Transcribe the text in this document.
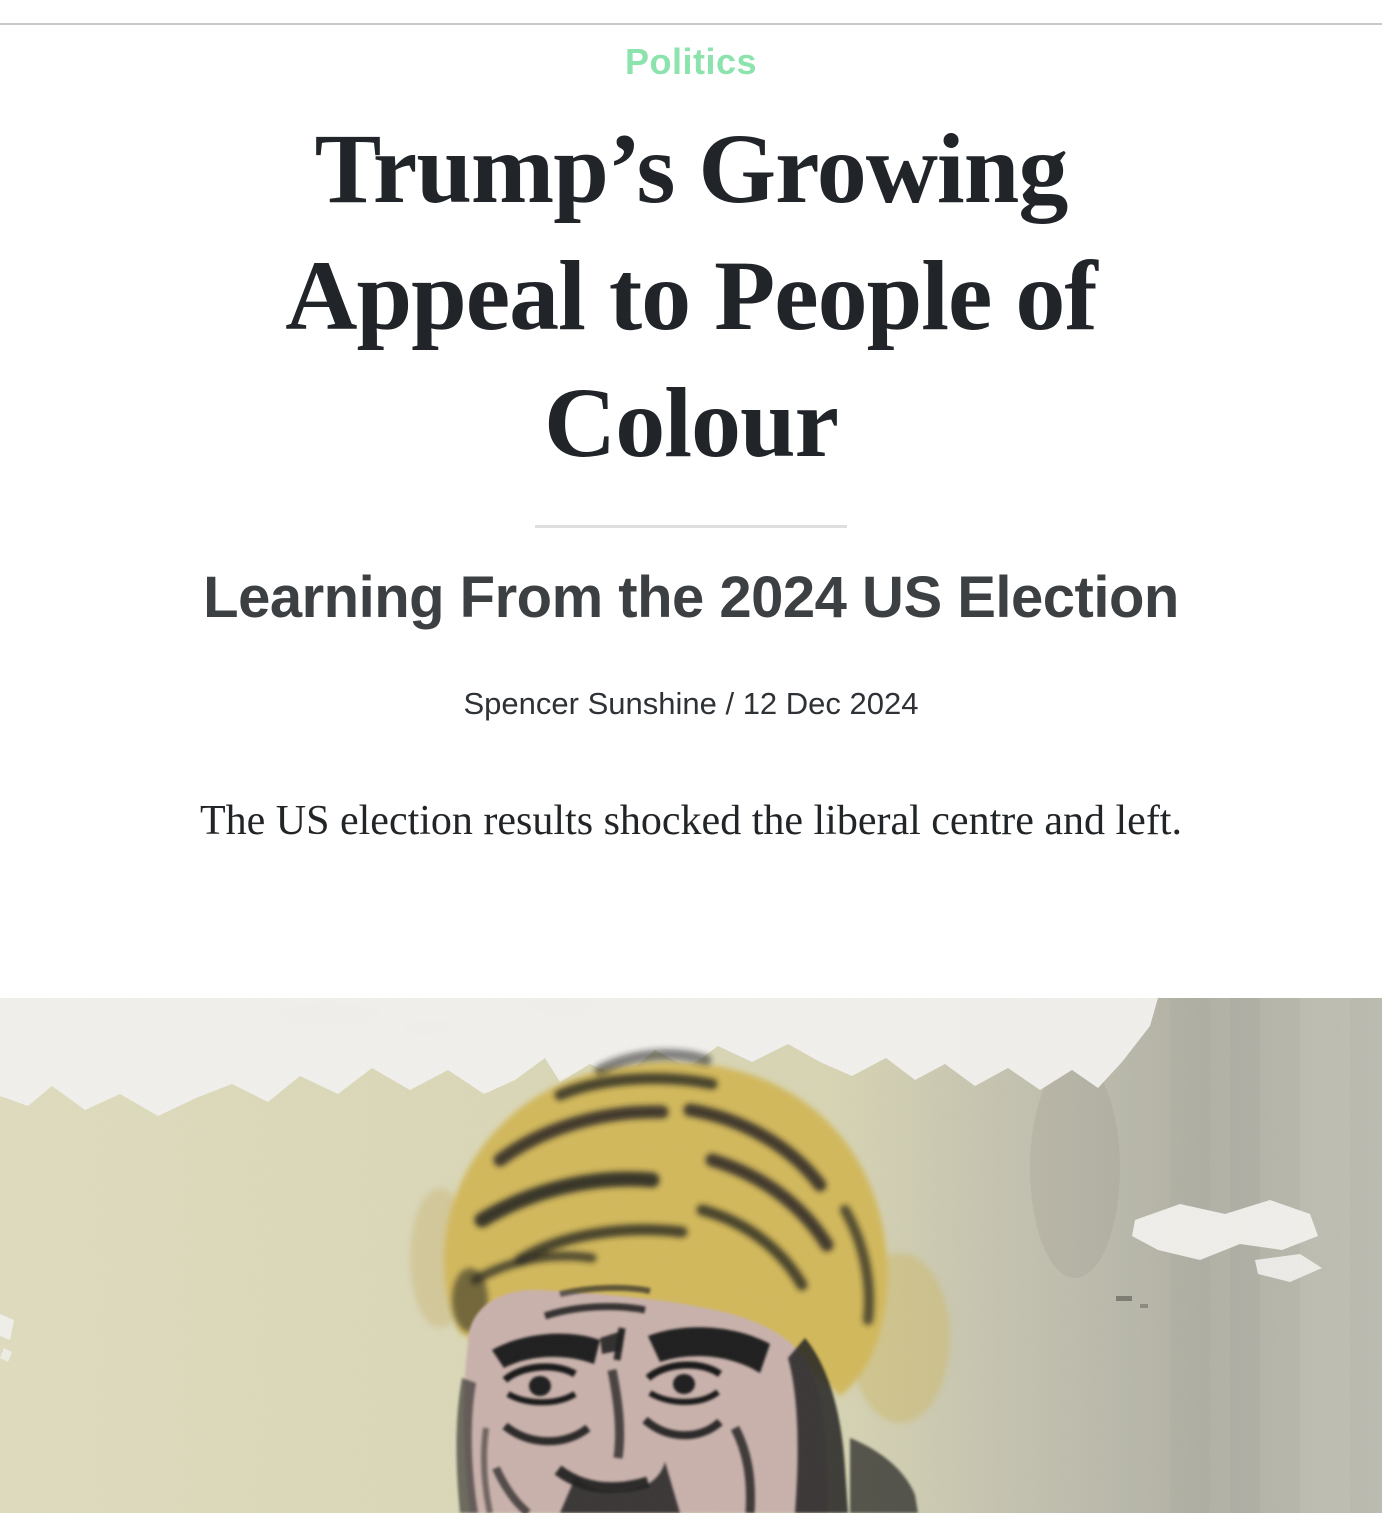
Politics
Trump’s Growing
Appeal to People of
Colour
Learning From the 2024 US Election
Spencer Sunshine / 12 Dec 2024

The US election results shocked the liberal centre and left.
